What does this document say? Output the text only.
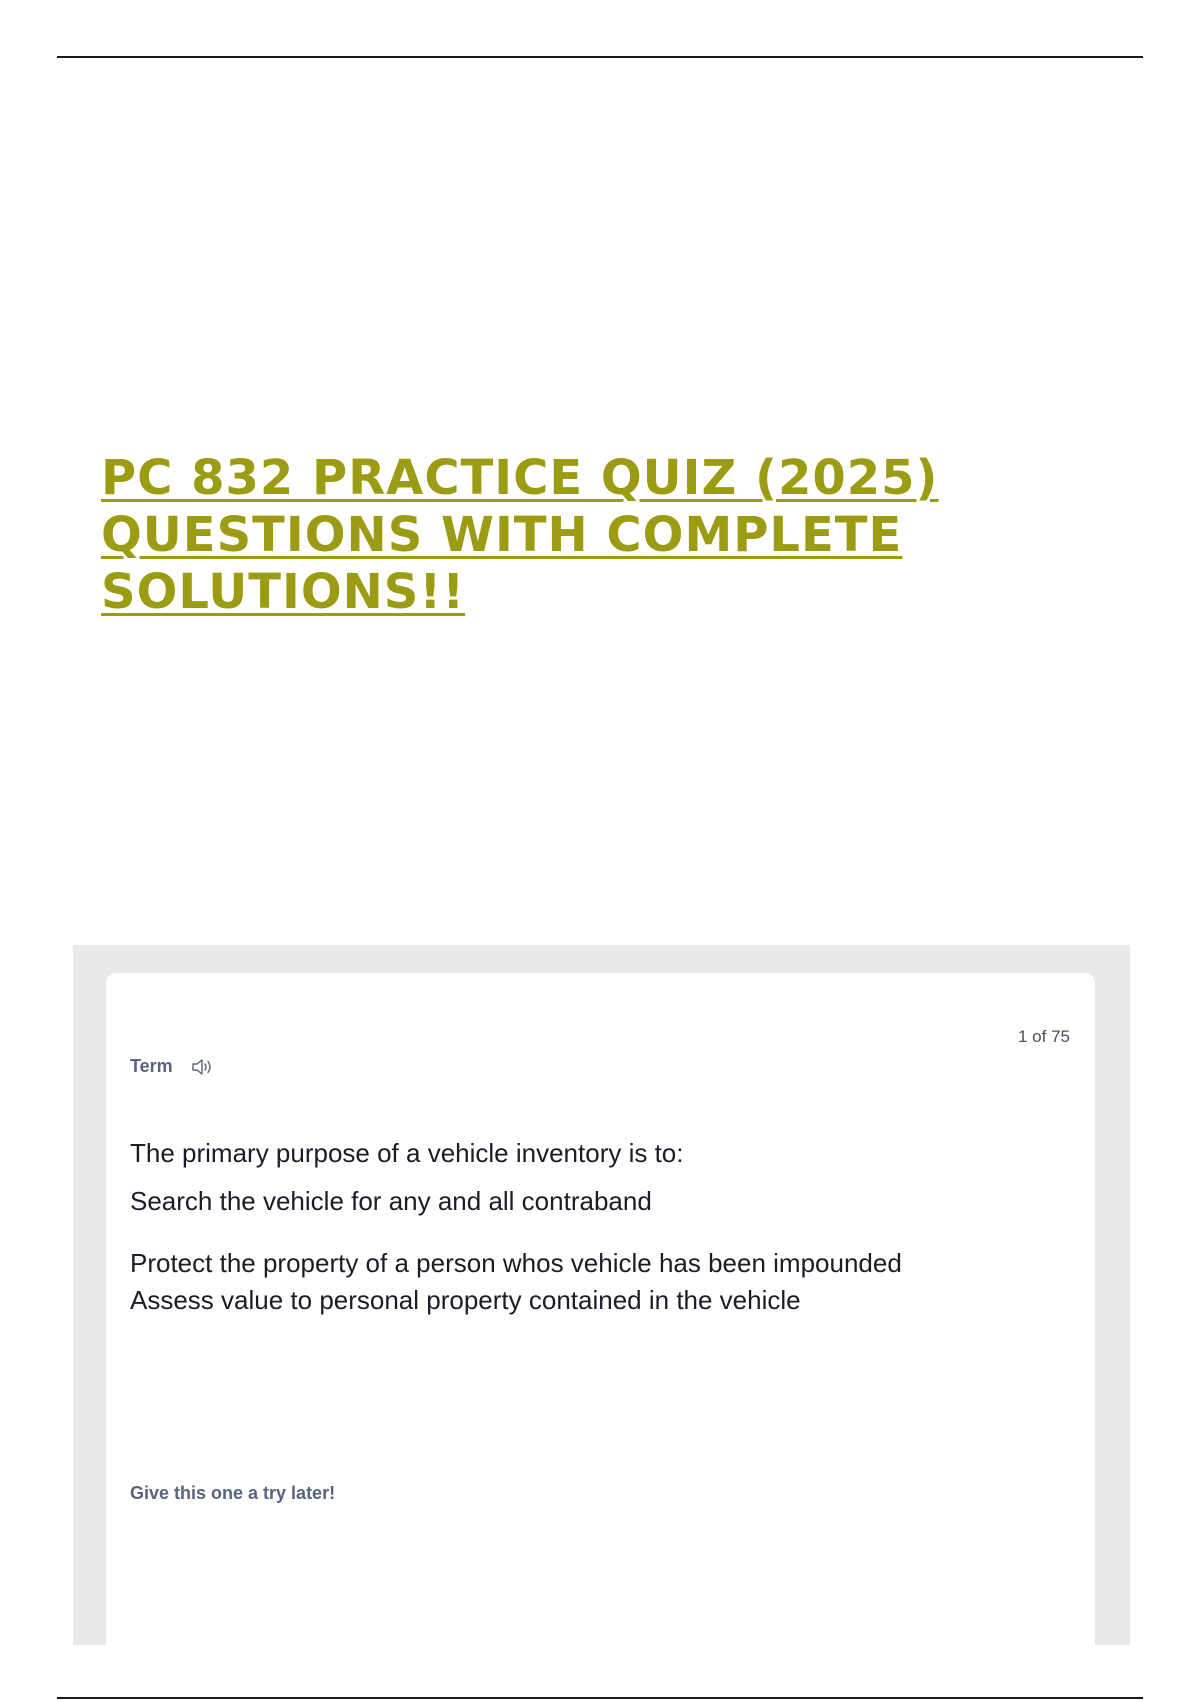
PC 832 PRACTICE QUIZ (2025)
QUESTIONS WITH COMPLETE
SOLUTIONS!!
1 of 75
Term

The primary purpose of a vehicle inventory is to:

Search the vehicle for any and all contraband

Protect the property of a person whos vehicle has been impounded

Assess value to personal property contained in the vehicle

Give this one a try later!
